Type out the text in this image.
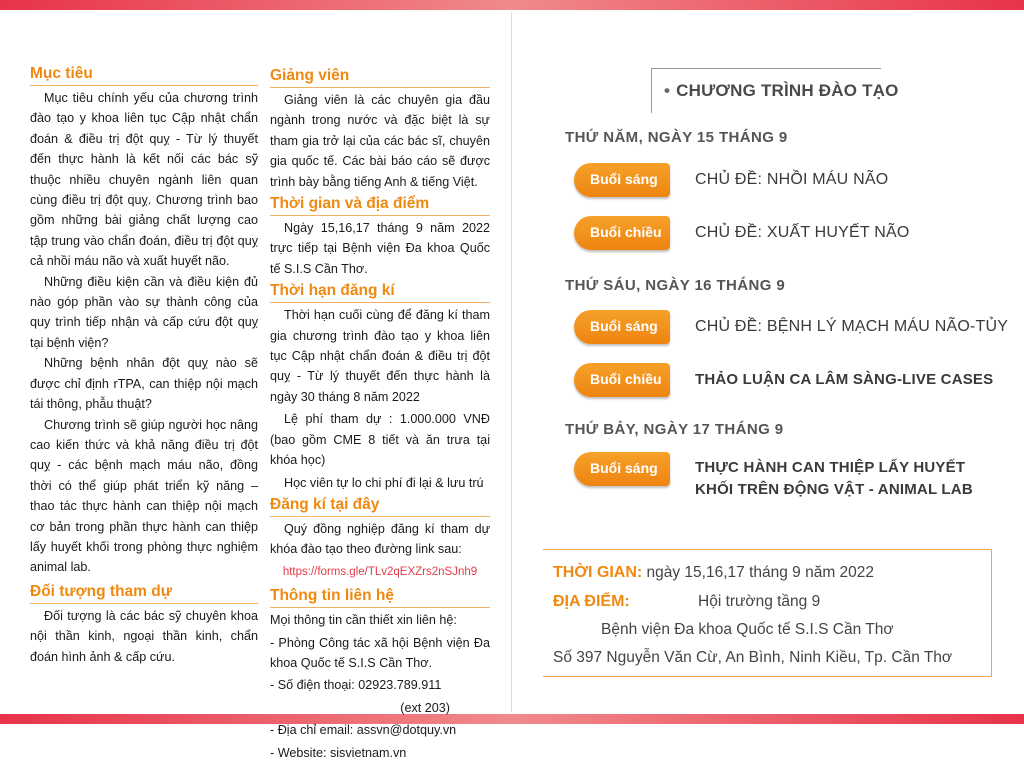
Mục tiêu
Mục tiêu chính yếu của chương trình đào tạo y khoa liên tục Cập nhật chẩn đoán & điều trị đột quỵ - Từ lý thuyết đến thực hành là kết nối các bác sỹ thuộc nhiều chuyên ngành liên quan cùng điều trị đột quỵ. Chương trình bao gồm những bài giảng chất lượng cao tập trung vào chẩn đoán, điều trị đột quỵ cả nhồi máu não và xuất huyết não.
Những điều kiện cần và điều kiện đủ nào góp phần vào sự thành công của quy trình tiếp nhận và cấp cứu đột quỵ tại bệnh viện?
Những bệnh nhân đột quỵ nào sẽ được chỉ định rTPA, can thiệp nội mạch tái thông, phẫu thuật?
Chương trình sẽ giúp người học nâng cao kiến thức và khả năng điều trị đột quỵ - các bệnh mạch máu não, đồng thời có thể giúp phát triển kỹ năng – thao tác thực hành can thiệp nội mạch cơ bản trong phần thực hành can thiệp lấy huyết khối trong phòng thực nghiệm animal lab.
Đối tượng tham dự
Đối tượng là các bác sỹ chuyên khoa nội thần kinh, ngoại thần kinh, chẩn đoán hình ảnh & cấp cứu.
Giảng viên
Giảng viên là các chuyên gia đầu ngành trong nước và đặc biệt là sự tham gia trở lại của các bác sĩ, chuyên gia quốc tế. Các bài báo cáo sẽ được trình bày bằng tiếng Anh & tiếng Việt.
Thời gian và địa điểm
Ngày 15,16,17 tháng 9 năm 2022 trực tiếp tại Bệnh viện Đa khoa Quốc tế S.I.S Cần Thơ.
Thời hạn đăng kí
Thời hạn cuối cùng để đăng kí tham gia chương trình đào tạo y khoa liên tục Cập nhật chẩn đoán & điều trị đột quỵ - Từ lý thuyết đến thực hành là ngày 30 tháng 8 năm 2022
Lệ phí tham dự : 1.000.000 VNĐ (bao gồm CME 8 tiết và ăn trưa tại khóa học)
Học viên tự lo chi phí đi lại & lưu trú
Đăng kí tại đây
Quý đồng nghiệp đăng kí tham dự khóa đào tạo theo đường link sau:
https://forms.gle/TLv2qEXZrs2nSJnh9
Thông tin liên hệ
Mọi thông tin cần thiết xin liên hệ:
- Phòng Công tác xã hội Bệnh viện Đa khoa Quốc tế S.I.S Cần Thơ.
- Số điện thoại: 02923.789.911
(ext 203)
- Địa chỉ email: assvn@dotquy.vn
- Website: sisvietnam.vn
• CHƯƠNG TRÌNH ĐÀO TẠO
THỨ NĂM, NGÀY 15 THÁNG 9
Buổi sáng CHỦ ĐỀ: NHỒI MÁU NÃO
Buổi chiều CHỦ ĐỀ: XUẤT HUYẾT NÃO
THỨ SÁU, NGÀY 16 THÁNG 9
Buổi sáng CHỦ ĐỀ: BỆNH LÝ MẠCH MÁU NÃO-TỦY
Buổi chiều THẢO LUẬN CA LÂM SÀNG-LIVE CASES
THỨ BẢY, NGÀY 17 THÁNG 9
Buổi sáng THỰC HÀNH CAN THIỆP LẤY HUYẾT
KHỐI TRÊN ĐỘNG VẬT - ANIMAL LAB
THỜI GIAN: ngày 15,16,17 tháng 9 năm 2022
ĐỊA ĐIỂM:	Hội trường tầng 9
Bệnh viện Đa khoa Quốc tế S.I.S Cần Thơ
Số 397 Nguyễn Văn Cừ, An Bình, Ninh Kiều, Tp. Cần Thơ
